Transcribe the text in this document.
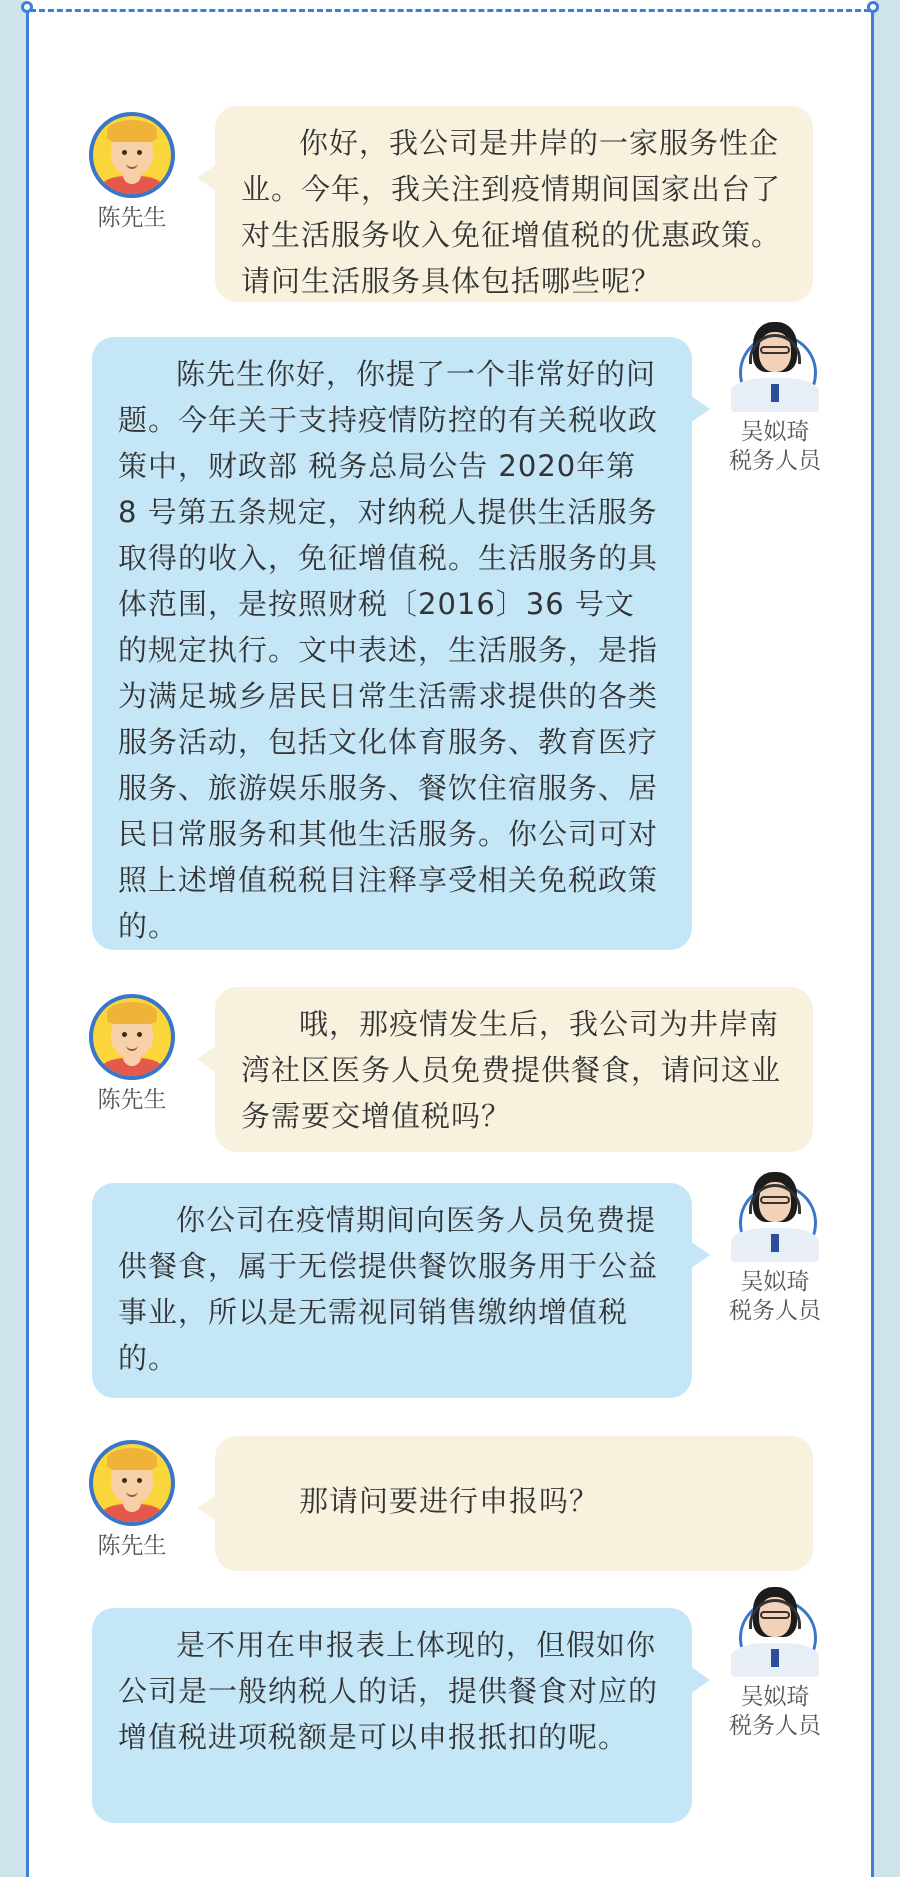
陈先生

你好，我公司是井岸的一家服务性企业。今年，我关注到疫情期间国家出台了对生活服务收入免征增值税的优惠政策。请问生活服务具体包括哪些呢？

吴姒琦
税务人员

陈先生你好，你提了一个非常好的问题。今年关于支持疫情防控的有关税收政策中，财政部 税务总局公告 2020年第 8 号第五条规定，对纳税人提供生活服务取得的收入，免征增值税。生活服务的具体范围，是按照财税〔2016〕36 号文的规定执行。文中表述，生活服务，是指为满足城乡居民日常生活需求提供的各类服务活动，包括文化体育服务、教育医疗服务、旅游娱乐服务、餐饮住宿服务、居民日常服务和其他生活服务。你公司可对照上述增值税税目注释享受相关免税政策的。

陈先生

哦，那疫情发生后，我公司为井岸南湾社区医务人员免费提供餐食，请问这业务需要交增值税吗？

吴姒琦
税务人员

你公司在疫情期间向医务人员免费提供餐食，属于无偿提供餐饮服务用于公益事业，所以是无需视同销售缴纳增值税的。

陈先生

那请问要进行申报吗？

吴姒琦
税务人员

是不用在申报表上体现的，但假如你公司是一般纳税人的话，提供餐食对应的增值税进项税额是可以申报抵扣的呢。
